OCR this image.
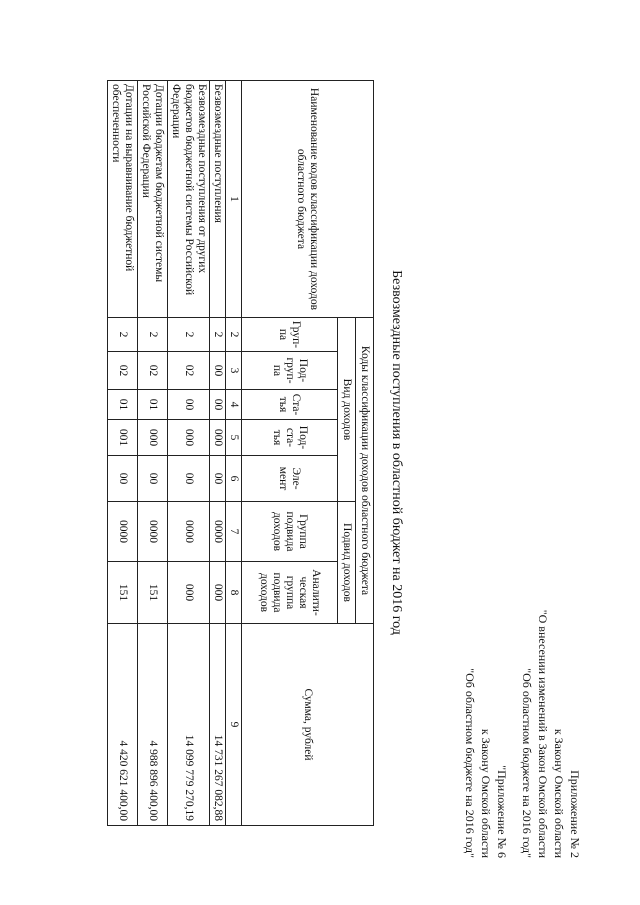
Приложение № 2
к Закону Омской области
"О внесении изменений в Закон Омской области
"Об областном бюджете на 2016 год"
"Приложение № 6
к Закону Омской области
"Об областном бюджете на 2016 год"
Безвозмездные поступления в областной бюджет на 2016 год
Наименование кодов классификации доходов областного бюджета	Коды классификации доходов областного бюджета							Сумма, рублей
	Вид доходов					Подвид доходов		
	Груп-па	Под-груп-па	Ста-тья	Под-ста-тья	Эле-мент	Группа подвида доходов	Аналити-ческая группа подвида доходов	
1	2	3	4	5	6	7	8	9
Безвозмездные поступления	2	00	00	000	00	0000	000	14 731 267 082,88
Безвозмездные поступления от других бюджетов бюджетной системы Российской Федерации	2	02	00	000	00	0000	000	14 099 779 270,19
Дотации бюджетам бюджетной системы Российской Федерации	2	02	01	000	00	0000	151	4 988 896 400,00
Дотации на выравнивание бюджетной обеспеченности	2	02	01	001	00	0000	151	4 420 621 400,00
